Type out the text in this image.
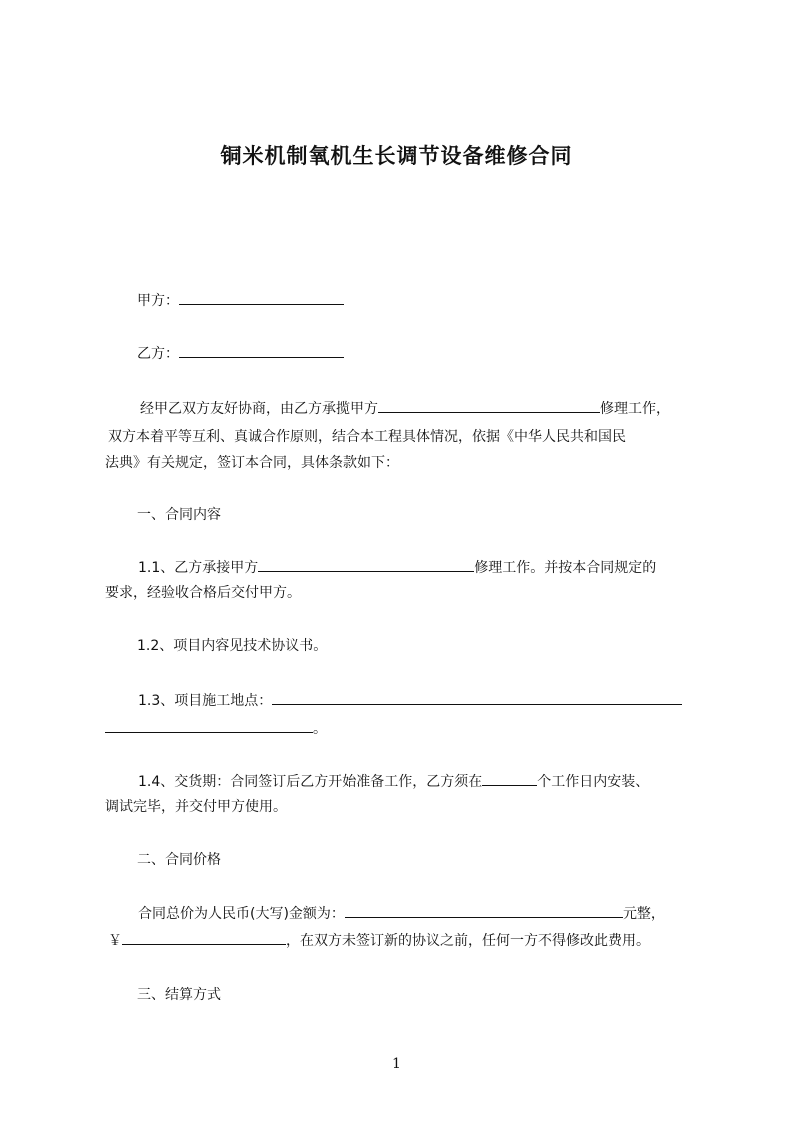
铜米机制氧机生长调节设备维修合同
甲方：
乙方：
经甲乙双方友好协商，由乙方承揽甲方	修理工作，
双方本着平等互利、真诚合作原则，结合本工程具体情况，依据《中华人民共和国民
法典》有关规定，签订本合同，具体条款如下：
一、合同内容
1.1、乙方承接甲方	修理工作。并按本合同规定的
要求，经验收合格后交付甲方。
1.2、项目内容见技术协议书。
1.3、项目施工地点：
。
1.4、交货期：合同签订后乙方开始准备工作，乙方须在	个工作日内安装、
调试完毕，并交付甲方使用。
二、合同价格
合同总价为人民币(大写)金额为：	元整，
￥	，在双方未签订新的协议之前，任何一方不得修改此费用。
三、结算方式
1
